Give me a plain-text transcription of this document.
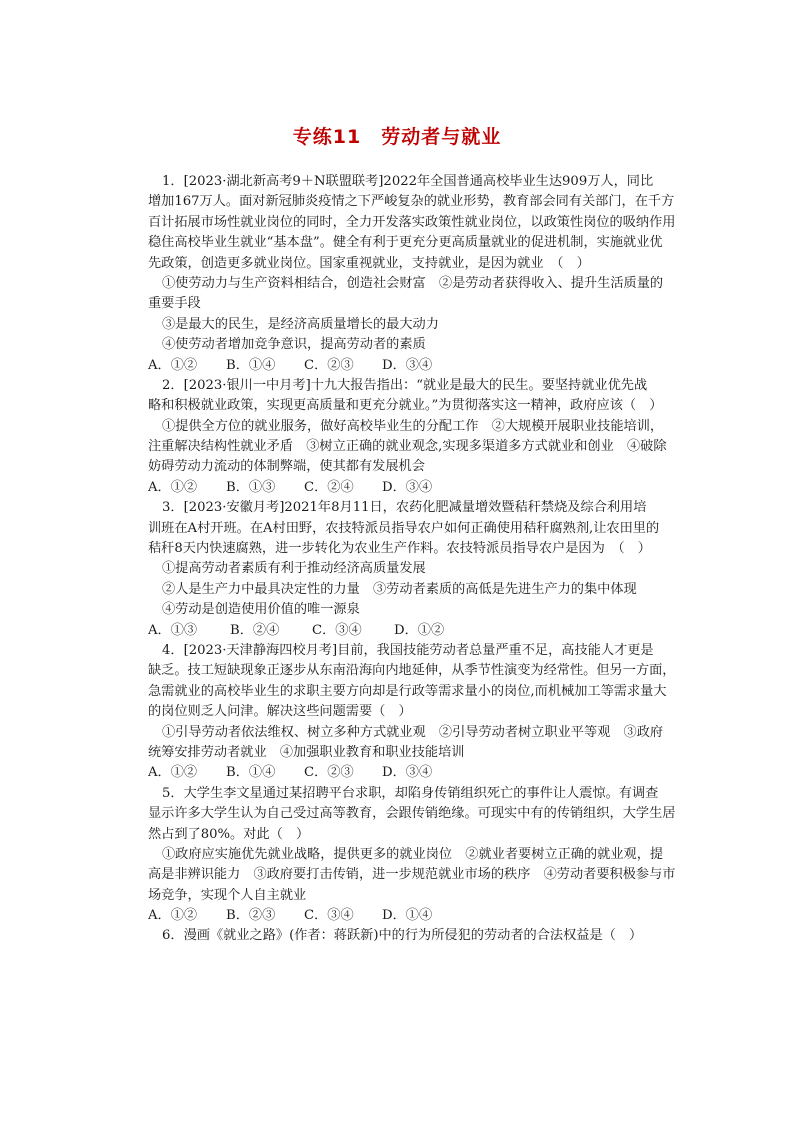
专练11　劳动者与就业
1．[2023·湖北新高考9＋N联盟联考]2022年全国普通高校毕业生达909万人，同比
增加167万人。面对新冠肺炎疫情之下严峻复杂的就业形势，教育部会同有关部门，在千方
百计拓展市场性就业岗位的同时，全力开发落实政策性就业岗位，以政策性岗位的吸纳作用
稳住高校毕业生就业“基本盘”。健全有利于更充分更高质量就业的促进机制，实施就业优
先政策，创造更多就业岗位。国家重视就业，支持就业，是因为就业　（　）
①使劳动力与生产资料相结合，创造社会财富　②是劳动者获得收入、提升生活质量的
重要手段
③是最大的民生，是经济高质量增长的最大动力
④使劳动者增加竞争意识，提高劳动者的素质
A．①② B．①④ C．②③ D．③④
2．[2023·银川一中月考]十九大报告指出：“就业是最大的民生。要坚持就业优先战
略和积极就业政策，实现更高质量和更充分就业。”为贯彻落实这一精神，政府应该（　）
①提供全方位的就业服务，做好高校毕业生的分配工作　②大规模开展职业技能培训，
注重解决结构性就业矛盾　③树立正确的就业观念,实现多渠道多方式就业和创业　④破除
妨碍劳动力流动的体制弊端，使其都有发展机会
A．①② B．①③ C．②④ D．③④
3．[2023·安徽月考]2021年8月11日，农药化肥减量增效暨秸秆禁烧及综合利用培
训班在A村开班。在A村田野，农技特派员指导农户如何正确使用秸秆腐熟剂,让农田里的
秸秆8天内快速腐熟，进一步转化为农业生产作料。农技特派员指导农户是因为　（　）
①提高劳动者素质有利于推动经济高质量发展
②人是生产力中最具决定性的力量　③劳动者素质的高低是先进生产力的集中体现
④劳动是创造使用价值的唯一源泉
A．①③ B．②④ C．③④ D．①②
4．[2023·天津静海四校月考]目前，我国技能劳动者总量严重不足，高技能人才更是
缺乏。技工短缺现象正逐步从东南沿海向内地延伸，从季节性演变为经常性。但另一方面，
急需就业的高校毕业生的求职主要方向却是行政等需求量小的岗位,而机械加工等需求量大
的岗位则乏人问津。解决这些问题需要（　）
①引导劳动者依法维权、树立多种方式就业观　②引导劳动者树立职业平等观　③政府
统筹安排劳动者就业　④加强职业教育和职业技能培训
A．①② B．①④ C．②③ D．③④
5．大学生李文星通过某招聘平台求职，却陷身传销组织死亡的事件让人震惊。有调查
显示许多大学生认为自己受过高等教育，会跟传销绝缘。可现实中有的传销组织，大学生居
然占到了80%。对此（　）
①政府应实施优先就业战略，提供更多的就业岗位　②就业者要树立正确的就业观，提
高是非辨识能力　③政府要打击传销，进一步规范就业市场的秩序　④劳动者要积极参与市
场竞争，实现个人自主就业
A．①② B．②③ C．③④ D．①④
6．漫画《就业之路》(作者：蒋跃新)中的行为所侵犯的劳动者的合法权益是（　）
